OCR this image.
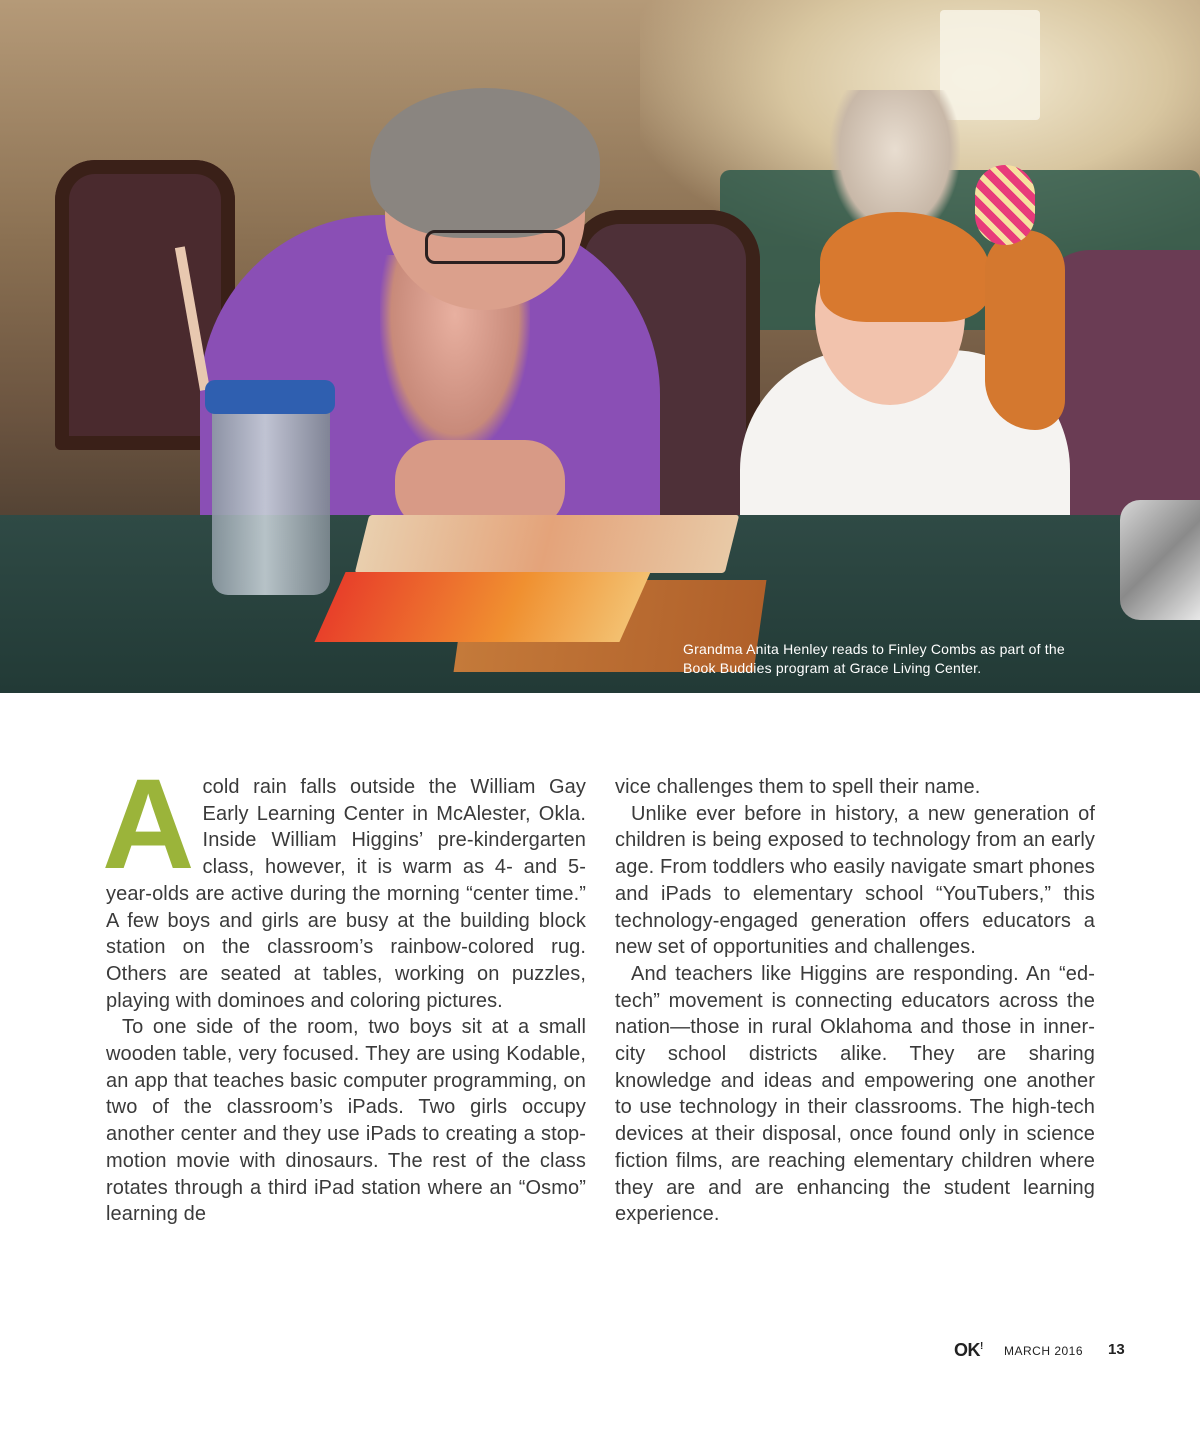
Grandma Anita Henley reads to Finley Combs as part of the
Book Buddies program at Grace Living Center.
A cold rain falls outside the William Gay Early Learning Center in McAlester, Okla. Inside William Higgins’ pre-kindergarten class, however, it is warm as 4- and 5-year-olds are active during the morning “center time.” A few boys and girls are busy at the building block station on the classroom’s rainbow-colored rug. Others are seated at tables, working on puzzles, playing with dominoes and coloring pictures.

To one side of the room, two boys sit at a small wooden table, very focused. They are using Kodable, an app that teaches basic computer programming, on two of the classroom’s iPads. Two girls occupy another center and they use iPads to creating a stop-motion movie with dinosaurs. The rest of the class rotates through a third iPad station where an “Osmo” learning de

vice challenges them to spell their name.

Unlike ever before in history, a new generation of children is being exposed to technology from an early age. From toddlers who easily navigate smart phones and iPads to elementary school “YouTubers,” this technology-engaged generation offers educators a new set of opportunities and challenges.

And teachers like Higgins are responding. An “ed-tech” movement is connecting educators across the nation—those in rural Oklahoma and those in inner-city school districts alike. They are sharing knowledge and ideas and empowering one another to use technology in their classrooms. The high-tech devices at their disposal, once found only in science fiction films, are reaching elementary children where they are and are enhancing the student learning experience.

OK! MARCH 2016 13
